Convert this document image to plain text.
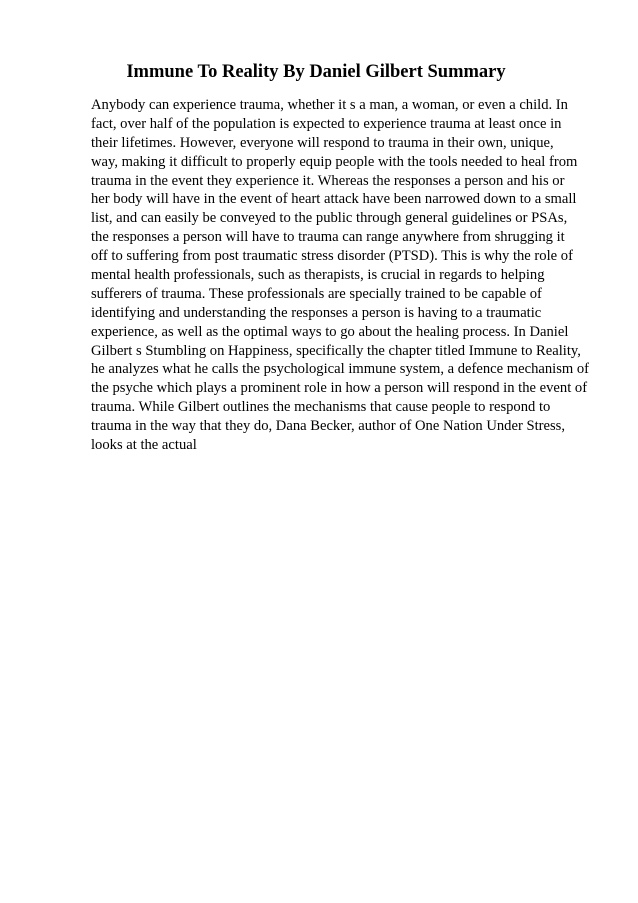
Immune To Reality By Daniel Gilbert Summary
Anybody can experience trauma, whether it s a man, a woman, or even a child. In
fact, over half of the population is expected to experience trauma at least once in
their lifetimes. However, everyone will respond to trauma in their own, unique,
way, making it difficult to properly equip people with the tools needed to heal from
trauma in the event they experience it. Whereas the responses a person and his or
her body will have in the event of heart attack have been narrowed down to a small
list, and can easily be conveyed to the public through general guidelines or PSAs,
the responses a person will have to trauma can range anywhere from shrugging it
off to suffering from post traumatic stress disorder (PTSD). This is why the role of
mental health professionals, such as therapists, is crucial in regards to helping
sufferers of trauma. These professionals are specially trained to be capable of
identifying and understanding the responses a person is having to a traumatic
experience, as well as the optimal ways to go about the healing process. In Daniel
Gilbert s Stumbling on Happiness, specifically the chapter titled Immune to Reality,
he analyzes what he calls the psychological immune system, a defence mechanism of
the psyche which plays a prominent role in how a person will respond in the event of
trauma. While Gilbert outlines the mechanisms that cause people to respond to
trauma in the way that they do, Dana Becker, author of One Nation Under Stress,
looks at the actual
